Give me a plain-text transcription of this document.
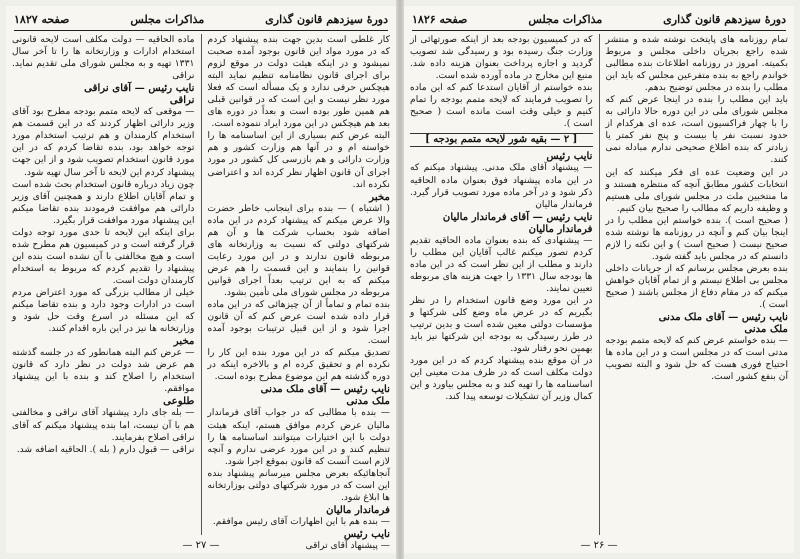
دورهٔ سیزدهم قانون گذاری
مذاکرات مجلس
صفحه ۱۸۲۷

کار غلطی است بدین جهت بنده پیشنهاد کردم که در مورد مواد این قانون بوجود آمده صحبت نمیشود و در اینکه هیئت دولت در موقع لزوم برای اجرای قانون نظامنامه تنظیم نماید البته هیچکس حرفی ندارد و یک مسأله است که فعلا مورد نظر نیست و این است که در قوانین قبلی هم همین طور بوده است و بعداً در دوره های بعد هم هیچکس در این مورد ایراد ننموده است.

البته عرض کنم بسیاری از این اساسنامه ها را خواسته ام و در آنها هم وزارت کشور و هم وزارت دارائی و هم بازرسی کل کشور در مورد اجرای آن قانون اظهار نظر کرده اند و اعتراضی نکرده اند.

مخبر

( اشتباه ) — بنده برای اینجانب خاطر حضرت والا عرض میکنم که پیشنهاد کردم در این ماده اضافه شود بحساب شرکت ها و آن هم شرکتهای دولتی که نسبت به وزارتخانه های مربوطه قانون ندارند و در این مورد رعایت قوانین را بنمایند و این قسمت را هم عرض میکنم که به این ترتیب بعداً اجرای قوانین مربوطه در مجلس شورای ملی تأمین بشود.

بنده تمام و تماماً از آن چیزهائی که در این ماده قرار داده شده است عرض کنم که آن قانون اجرا شود و از این قبیل ترتیبات بوجود آمده است.

تصدیق میکنم که در این مورد بنده این کار را نکرده ام و تحقیق کرده ام و بالاخره اینکه در دوره گذشته هم این موضوع مطرح بوده است.

نایب رئیس — آقای ملک مدنی
ملک مدنی

— بنده با مطالبی که در جواب آقای فرماندار مالیان عرض کردم موافق هستم، اینکه هیئت دولت با این اختیارات میتوانند اساسنامه ها را تنظیم کنند و در این مورد عرضی ندارم و آنچه لازم است آنست که قانون بموقع اجرا شود.

آنجاهائیکه بعرض مجلس میرسانم پیشنهاد بنده این است که در مورد شرکتهای دولتی بوزارتخانه ها ابلاغ شود.

فرماندار مالیان

— بنده هم با این اظهارات آقای رئیس موافقم.

نایب رئیس

— پیشنهاد آقای تراقی

ماده الحاقیه — دولت مکلف است لایحه قانونی استخدام ادارات و وزارتخانه ها را تا آخر سال ۱۳۳۱ تهیه و به مجلس شورای ملی تقدیم نماید. نراقی

نایب رئیس — آقای نراقی
نراقی

— موقعی که لایحه متمم بودجه مطرح بود آقای وزیر دارائی اظهار کردند که در این قسمت هم استخدام کارمندان و هم ترتیب استخدام مورد توجه خواهد بود، بنده تقاضا کردم که در این مورد قانون استخدام تصویب شود و از این جهت پیشنهاد کردم این لایحه تا آخر سال تهیه شود.

چون زیاد درباره قانون استخدام بحث شده است و تمام آقایان اطلاع دارند و همچنین آقای وزیر دارائی هم موافقت فرمودند بنده تقاضا میکنم این پیشنهاد مورد موافقت قرار بگیرد.

برای اینکه این لایحه تا حدی مورد توجه دولت قرار گرفته است و در کمیسیون هم مطرح شده است و هیچ مخالفتی با آن نشده است بنده این پیشنهاد را تقدیم کردم که مربوط به استخدام کارمندان دولت است.

خیلی از مطالب بزرگی که مورد اعتراض مردم است در ادارات وجود دارد و بنده تقاضا میکنم که این مسئله در اسرع وقت حل شود و وزارتخانه ها نیز در این باره اقدام کنند.

مخبر

— عرض کنم البته همانطور که در جلسه گذشته هم عرض شد دولت در نظر دارد که قانون استخدام را اصلاح کند و بنده با این پیشنهاد موافقم.

طلوعی

— بله جای دارد پیشنهاد آقای نراقی و مخالفتی هم با آن نیست، اما بنده پیشنهاد میکنم که آقای نراقی اصلاح بفرمایند.

نراقی — قبول دارم ( بله ). الحاقیه اضافه شد.

— ۲۷ —
دورهٔ سیزدهم قانون گذاری
مذاکرات مجلس
صفحه ۱۸۲۶

تمام روزنامه های پایتخت نوشته شده و منتشر شده راجع بجریان داخلی مجلس و مربوط بکمیته. امروز در روزنامه اطلاعات بنده مطالبی خواندم راجع به بنده متفرعین مجلس که باید این مطلب را بنده در مجلس توضیح بدهم.

باید این مطلب را بنده در اینجا عرض کنم که مجلس شورای ملی در این دوره حالا دارائی به را با چهار فراکسیون است، عده ای هرکدام از حدود نسبت نفر یا بیست و پنج نفر کمتر یا زیادتر که بنده اطلاع صحیحی ندارم مبادله نمی کنند.

در این وضعیت عده ای فکر میکنند که این انتخابات کشور مطابق آنچه که منتظره هستند و ما منتخبین ملت در مجلس شورای ملی هستیم و وظیفه داریم که مطالب را صحیح بیان کنیم.

( صحیح است ). بنده خواستم این مطلب را در اینجا بیان کنم و آنچه در روزنامه ها نوشته شده صحیح نیست ( صحیح است ) و این نکته را لازم دانستم که در مجلس باید گفته شود.

بنده بعرض مجلس برسانم که از جریانات داخلی مجلس بی اطلاع نیستم و از تمام آقایان خواهش میکنم که در مقام دفاع از مجلس باشند ( صحیح است ).

نایب رئیس — آقای ملک مدنی
ملک مدنی

— بنده خواستم عرض کنم که لایحه متمم بودجه مدتی است که در مجلس است و در این ماده ها احتیاج فوری هست که حل شود و البته تصویب آن بنفع کشور است.

که در کمیسیون بودجه بعد از اینکه صورتهائی از وزارت جنگ رسیده بود و رسیدگی شد تصویب گردید و اجازه پرداخت بعنوان هزینه داده شد. منبع این مخارج در ماده آورده شده است.

بنده خواستم از آقایان استدعا کنم که این ماده را تصویب فرمایند که لایحه متمم بودجه را تمام کنیم و خیلی وقت است مانده است ( صحیح است ).

[ ۲ — بقیه شور لایحه متمم بودجه ]
نایب رئیس

— پیشنهاد آقای ملک مدنی. پیشنهاد میکنم که در این ماده پیشنهاد فوق بعنوان ماده الحاقیه ذکر شود و در آخر ماده مورد تصویب قرار گیرد. فرماندار مالیان

نایب رئیس — آقای فرماندار مالیان
فرماندار مالیان

— پیشنهادی که بنده بعنوان ماده الحاقیه تقدیم کردم تصور میکنم غالب آقایان این مطلب را دارند و مطلب از این نظر است که در این ماده ها بودجه سال ۱۳۳۱ را جهت هزینه های مربوطه تعیین نمایند.

در این مورد وضع قانون استخدام را در نظر بگیریم که در عرض ماه وضع کلی شرکتها و مؤسسات دولتی معین شده است و بدین ترتیب در طرز رسیدگی به بودجه این شرکتها نیز باید بهمین نحو رفتار شود.

در آن موقع بنده پیشنهاد کردم که در این مورد دولت مکلف است که در ظرف مدت معینی این اساسنامه ها را تهیه کند و به مجلس بیاورد و این کمال وزیر آن تشکیلات توسعه پیدا کند.

— ۲۶ —
